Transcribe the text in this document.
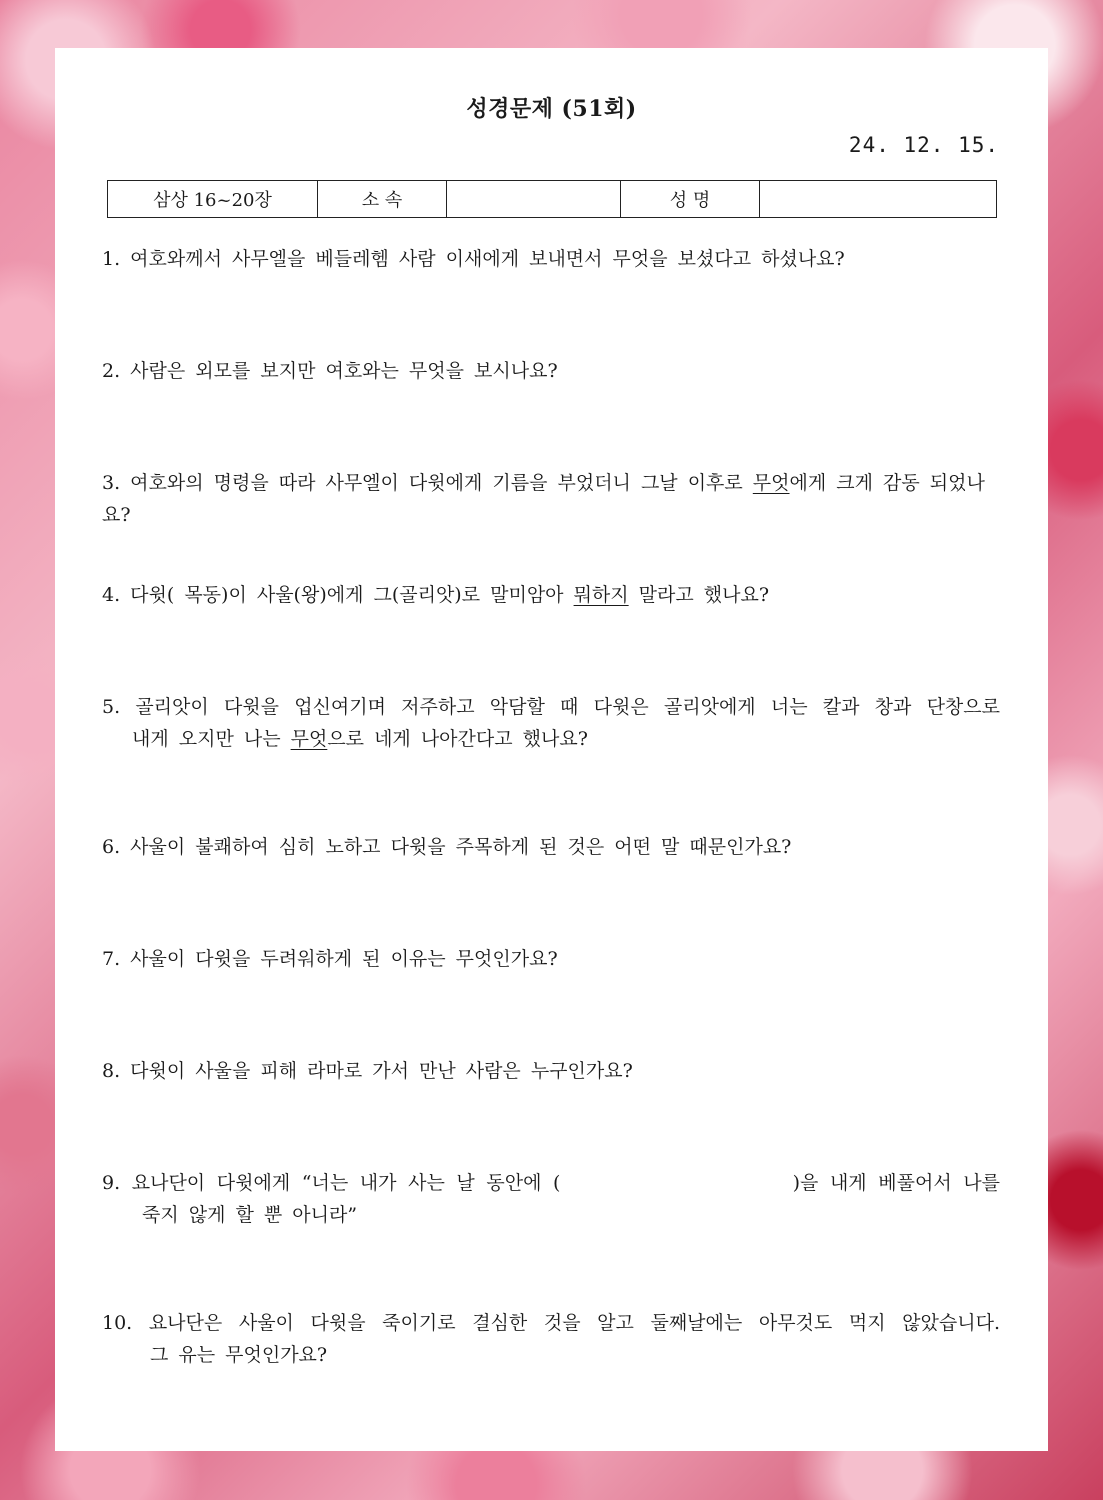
성경문제 (51회)
24. 12. 15.
삼상 16~20장	소 속		성 명	
1. 여호와께서 사무엘을 베들레헴 사람 이새에게 보내면서 무엇을 보셨다고 하셨나요?
2. 사람은 외모를 보지만 여호와는 무엇을 보시나요?
3. 여호와의 명령을 따라 사무엘이 다윗에게 기름을 부었더니 그날 이후로 무엇에게 크게 감동 되었나요?
4. 다윗( 목동)이 사울(왕)에게 그(골리앗)로 말미암아 뭐하지 말라고 했나요?
5. 골리앗이 다윗을 업신여기며 저주하고 악담할 때 다윗은 골리앗에게 너는 칼과 창과 단창으로
내게 오지만 나는 무엇으로 네게 나아간다고 했나요?
6. 사울이 불쾌하여 심히 노하고 다윗을 주목하게 된 것은 어떤 말 때문인가요?
7. 사울이 다윗을 두려워하게 된 이유는 무엇인가요?
8. 다윗이 사울을 피해 라마로 가서 만난 사람은 누구인가요?
9. 요나단이 다윗에게 “너는 내가 사는 날 동안에 (                    )을 내게 베풀어서 나를
죽지 않게 할 뿐 아니라”
10. 요나단은 사울이 다윗을 죽이기로 결심한 것을 알고 둘째날에는 아무것도 먹지 않았습니다.
그 유는 무엇인가요?
